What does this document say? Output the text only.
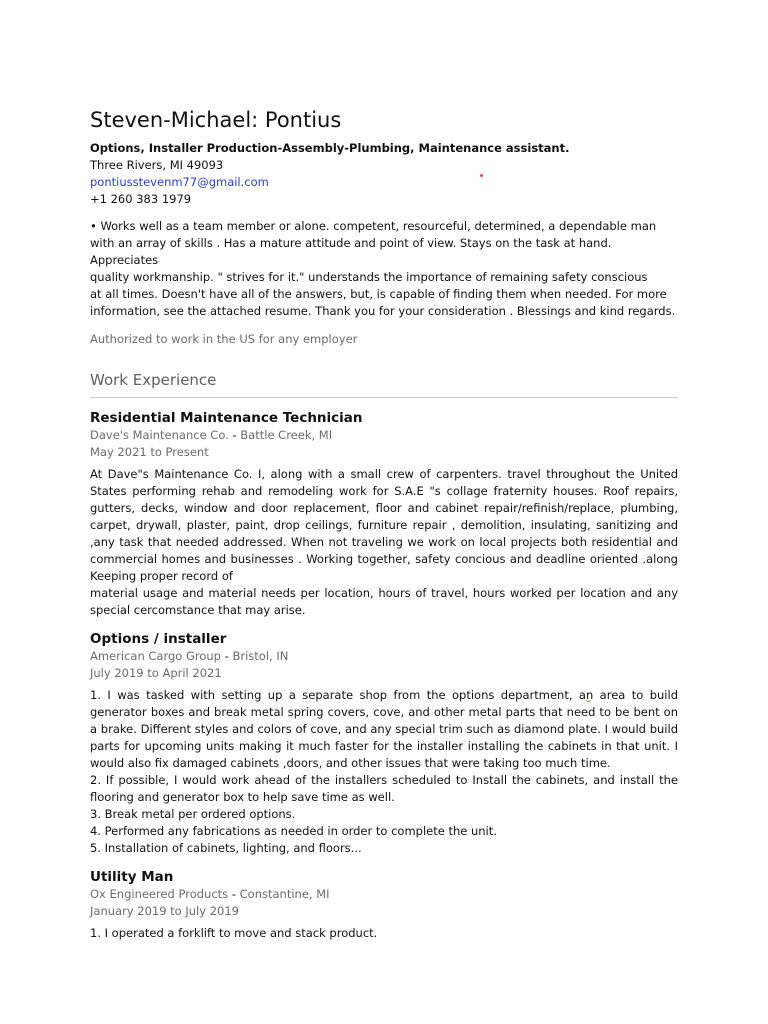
Steven-Michael: Pontius
Options, Installer Production-Assembly-Plumbing, Maintenance assistant.
Three Rivers, MI 49093
pontiusstevenm77@gmail.com
+1 260 383 1979
• Works well as a team member or alone. competent, resourceful, determined, a dependable man
with an array of skills . Has a mature attitude and point of view. Stays on the task at hand. Appreciates
quality workmanship. " strives for it." understands the importance of remaining safety conscious
at all times. Doesn't have all of the answers, but, is capable of finding them when needed. For more
information, see the attached resume. Thank you for your consideration . Blessings and kind regards.
Authorized to work in the US for any employer
Work Experience
Residential Maintenance Technician
Dave's Maintenance Co. - Battle Creek, MI
May 2021 to Present
At Dave"s Maintenance Co. I, along with a small crew of carpenters. travel throughout the United States performing rehab and remodeling work for S.A.E "s collage fraternity houses. Roof repairs, gutters, decks, window and door replacement, floor and cabinet repair/refinish/replace, plumbing, carpet, drywall, plaster, paint, drop ceilings, furniture repair , demolition, insulating, sanitizing and ,any task that needed addressed. When not traveling we work on local projects both residential and commercial homes and businesses . Working together, safety concious and deadline oriented .along Keeping proper record of
material usage and material needs per location, hours of travel, hours worked per location and any special cercomstance that may arise.
Options / installer
American Cargo Group - Bristol, IN
July 2019 to April 2021
1. I was tasked with setting up a separate shop from the options department, an area to build generator boxes and break metal spring covers, cove, and other metal parts that need to be bent on a brake. Different styles and colors of cove, and any special trim such as diamond plate. I would build parts for upcoming units making it much faster for the installer installing the cabinets in that unit. I would also fix damaged cabinets ,doors, and other issues that were taking too much time.
2. If possible, I would work ahead of the installers scheduled to Install the cabinets, and install the flooring and generator box to help save time as well.
3. Break metal per ordered options.
4. Performed any fabrications as needed in order to complete the unit.
5. Installation of cabinets, lighting, and floors...
Utility Man
Ox Engineered Products - Constantine, MI
January 2019 to July 2019
1. I operated a forklift to move and stack product.
